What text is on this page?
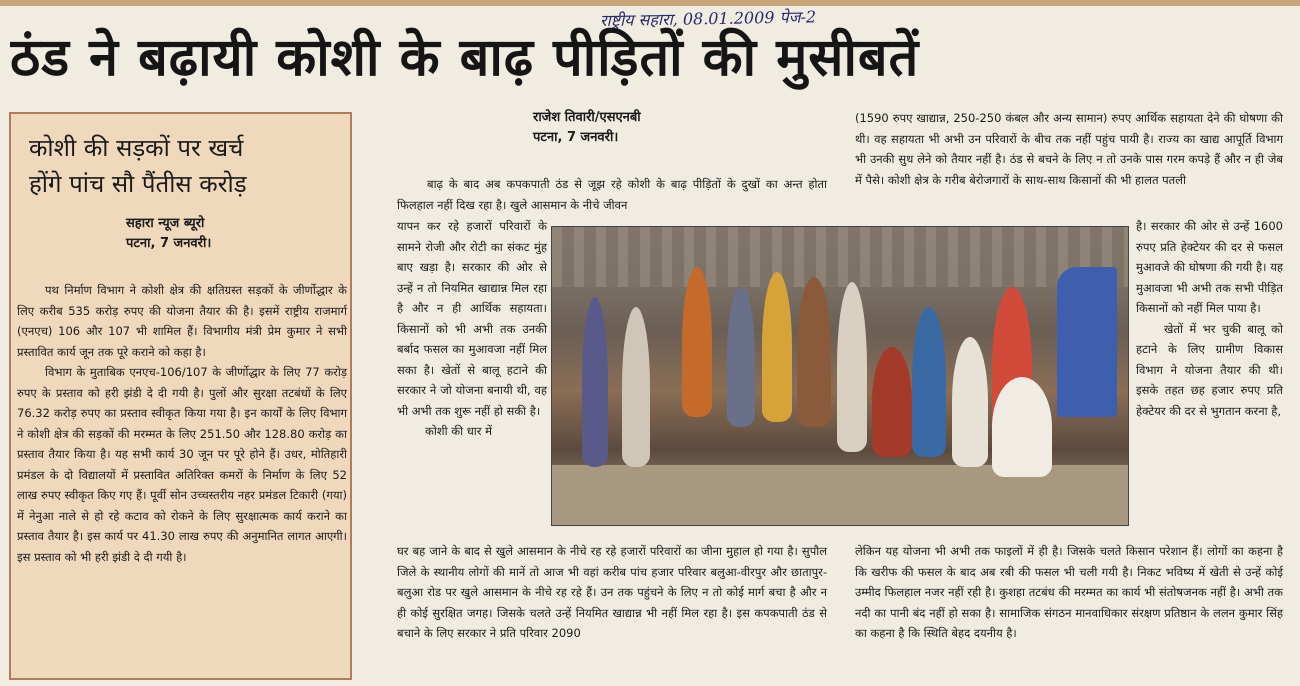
राष्ट्रीय सहारा, 08.01.2009 पेज-2
ठंड ने बढ़ायी कोशी के बाढ़ पीड़ितों की मुसीबतें
कोशी की सड़कों पर खर्च
होंगे पांच सौ पैंतीस करोड़
सहारा न्यूज ब्यूरो
पटना, 7 जनवरी।

पथ निर्माण विभाग ने कोशी क्षेत्र की क्षतिग्रस्त सड़कों के जीर्णोद्धार के लिए करीब 535 करोड़ रुपए की योजना तैयार की है। इसमें राष्ट्रीय राजमार्ग (एनएच) 106 और 107 भी शामिल हैं। विभागीय मंत्री प्रेम कुमार ने सभी प्रस्तावित कार्य जून तक पूरे कराने को कहा है।

विभाग के मुताबिक एनएच-106/107 के जीर्णोद्धार के लिए 77 करोड़ रुपए के प्रस्ताव को हरी झंडी दे दी गयी है। पुलों और सुरक्षा तटबंधों के लिए 76.32 करोड़ रुपए का प्रस्ताव स्वीकृत किया गया है। इन कार्यों के लिए विभाग ने कोशी क्षेत्र की सड़कों की मरम्मत के लिए 251.50 और 128.80 करोड़ का प्रस्ताव तैयार किया है। यह सभी कार्य 30 जून पर पूरे होने हैं। उधर, मोतिहारी प्रमंडल के दो विद्यालयों में प्रस्तावित अतिरिक्त कमरों के निर्माण के लिए 52 लाख रुपए स्वीकृत किए गए हैं। पूर्वी सोन उच्चस्तरीय नहर प्रमंडल टिकारी (गया) में नेनुआ नाले से हो रहे कटाव को रोकने के लिए सुरक्षात्मक कार्य कराने का प्रस्ताव तैयार है। इस कार्य पर 41.30 लाख रुपए की अनुमानित लागत आएगी। इस प्रस्ताव को भी हरी झंडी दे दी गयी है।

राजेश तिवारी/एसएनबी
पटना, 7 जनवरी।

बाढ़ के बाद अब कपकपाती ठंड से जूझ रहे कोशी के बाढ़ पीड़ितों के दुखों का अन्त होता फिलहाल नहीं दिख रहा है। खुले आसमान के नीचे जीवन

यापन कर रहे हजारों परिवारों के सामने रोजी और रोटी का संकट मुंह बाए खड़ा है। सरकार की ओर से उन्हें न तो नियमित खाद्यान्न मिल रहा है और न ही आर्थिक सहायता। किसानों को भी अभी तक उनकी बर्बाद फसल का मुआवजा नहीं मिल सका है। खेतों से बालू हटाने की सरकार ने जो योजना बनायी थी, वह भी अभी तक शुरू नहीं हो सकी है।

कोशी की धार में

घर बह जाने के बाद से खुले आसमान के नीचे रह रहे हजारों परिवारों का जीना मुहाल हो गया है। सुपौल जिले के स्थानीय लोगों की मानें तो आज भी वहां करीब पांच हजार परिवार बलुआ-वीरपुर और छातापुर-बलुआ रोड पर खुले आसमान के नीचे रह रहे हैं। उन तक पहुंचने के लिए न तो कोई मार्ग बचा है और न ही कोई सुरक्षित जगह। जिसके चलते उन्हें नियमित खाद्यान्न भी नहीं मिल रहा है। इस कपकपाती ठंड से बचाने के लिए सरकार ने प्रति परिवार 2090

(1590 रुपए खाद्यान्न, 250-250 कंबल और अन्य सामान) रुपए आर्थिक सहायता देने की घोषणा की थी। वह सहायता भी अभी उन परिवारों के बीच तक नहीं पहुंच पायी है। राज्य का खाद्य आपूर्ति विभाग भी उनकी सुध लेने को तैयार नहीं है। ठंड से बचने के लिए न तो उनके पास गरम कपड़े हैं और न ही जेब में पैसे। कोशी क्षेत्र के गरीब बेरोजगारों के साथ-साथ किसानों की भी हालत पतली

है। सरकार की ओर से उन्हें 1600 रुपए प्रति हेक्टेयर की दर से फसल मुआवजे की घोषणा की गयी है। यह मुआवजा भी अभी तक सभी पीड़ित किसानों को नहीं मिल पाया है।

खेतों में भर चुकी बालू को हटाने के लिए ग्रामीण विकास विभाग ने योजना तैयार की थी। इसके तहत छह हजार रुपए प्रति हेक्टेयर की दर से भुगतान करना है,

लेकिन यह योजना भी अभी तक फाइलों में ही है। जिसके चलते किसान परेशान हैं। लोगों का कहना है कि खरीफ की फसल के बाद अब रबी की फसल भी चली गयी है। निकट भविष्य में खेती से उन्हें कोई उम्मीद फिलहाल नजर नहीं रही है। कुशहा तटबंध की मरम्मत का कार्य भी संतोषजनक नहीं है। अभी तक नदी का पानी बंद नहीं हो सका है। सामाजिक संगठन मानवाधिकार संरक्षण प्रतिष्ठान के ललन कुमार सिंह का कहना है कि स्थिति बेहद दयनीय है।
